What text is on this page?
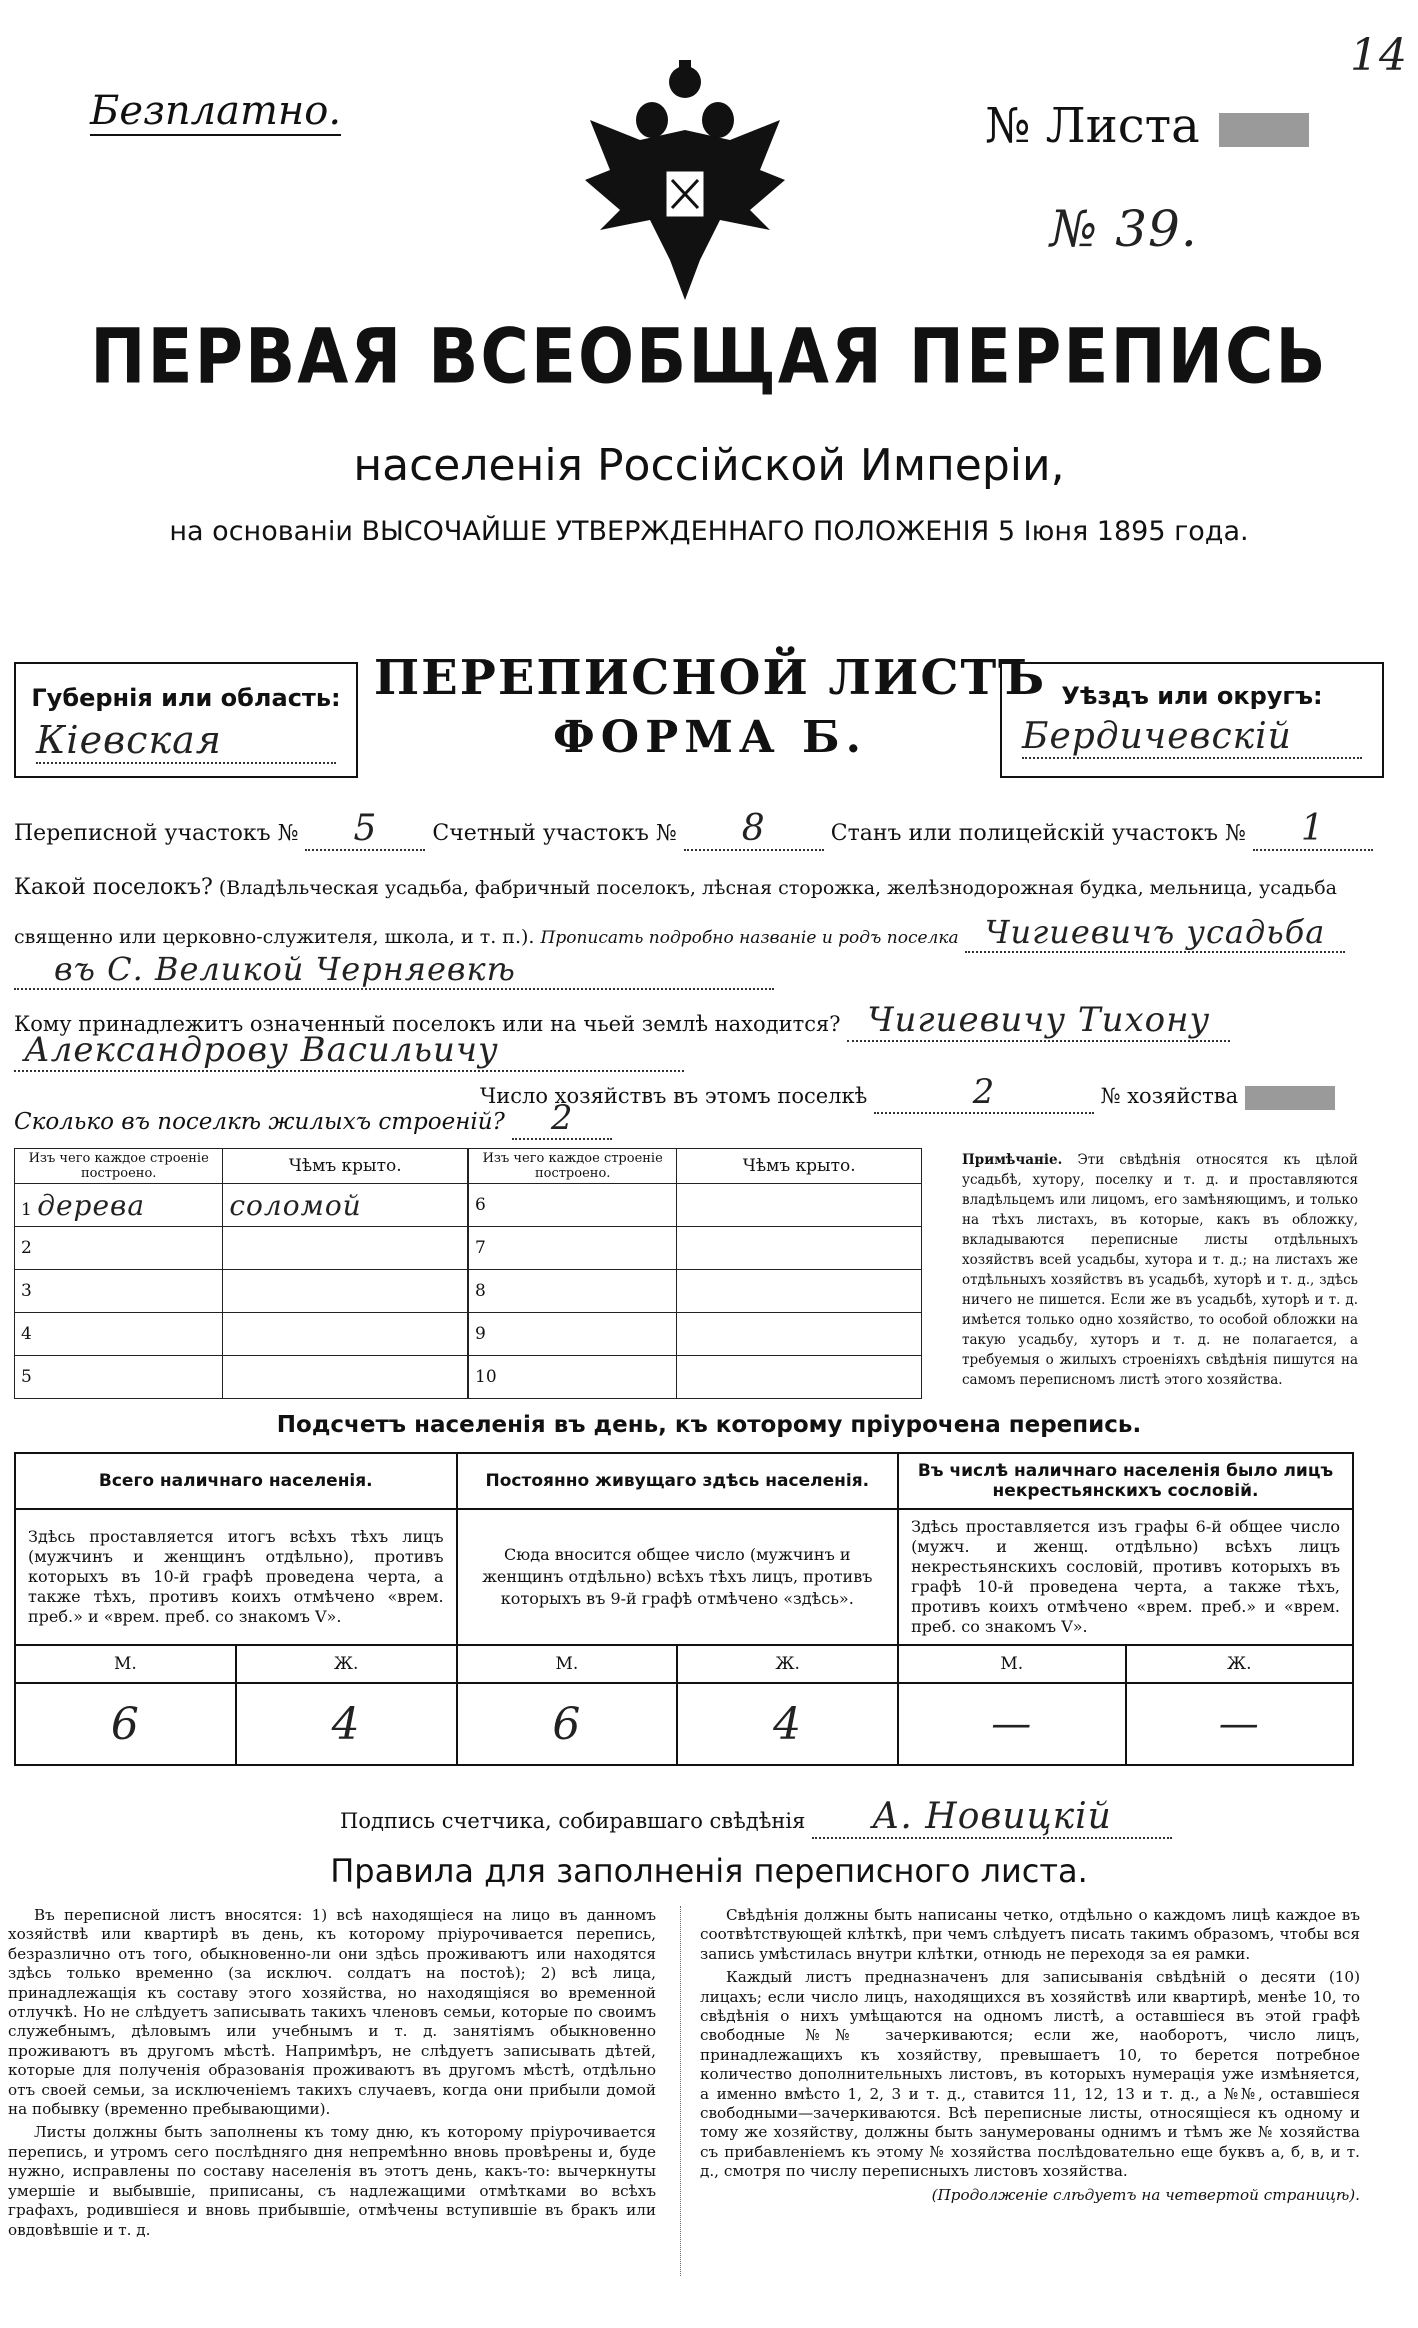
Безплатно.	№ Листа
№ 39.
14
ПЕРВАЯ ВСЕОБЩАЯ ПЕРЕПИСЬ
населенія Россійской Имперіи,
на основаніи ВЫСОЧАЙШЕ УТВЕРЖДЕННАГО ПОЛОЖЕНІЯ 5 Іюня 1895 года.
Губернія или область:
Кіевская
ПЕРЕПИСНОЙ ЛИСТЪ
ФОРМА Б.
Уѣздъ или округъ:
Бердичевскій
Переписной участокъ № 5	Счетный участокъ № 8	Станъ или полицейскій участокъ № 1
Какой поселокъ? (Владѣльческая усадьба, фабричный поселокъ, лѣсная сторожка, желѣзнодорожная будка, мельница, усадьба священно или церковно-служителя, школа, и т. п.). Прописать подробно названіе и родъ поселка Чигиевичъ усадьба
въ С. Великой Черняевкѣ
Кому принадлежитъ означенный поселокъ или на чьей землѣ находится? Чигиевичу Тихону
Александрову Васильичу
Число хозяйствъ въ этомъ поселкѣ	2	№ хозяйства
Сколько въ поселкѣ жилыхъ строеній? 2
Изъ чего каждое строеніе построено.	Чѣмъ крыто.
1 дерева	соломой
2	
3	
4	
5	
Изъ чего каждое строеніе построено.	Чѣмъ крыто.
6	
7	
8	
9	
10	
Примѣчаніе. Эти свѣдѣнія относятся къ цѣлой усадьбѣ, хутору, поселку и т. д. и проставляются владѣльцемъ или лицомъ, его замѣняющимъ, и только на тѣхъ листахъ, въ которые, какъ въ обложку, вкладываются переписные листы отдѣльныхъ хозяйствъ всей усадьбы, хутора и т. д.; на листахъ же отдѣльныхъ хозяйствъ въ усадьбѣ, хуторѣ и т. д., здѣсь ничего не пишется. Если же въ усадьбѣ, хуторѣ и т. д. имѣется только одно хозяйство, то особой обложки на такую усадьбу, хуторъ и т. д. не полагается, а требуемыя о жилыхъ строеніяхъ свѣдѣнія пишутся на самомъ переписномъ листѣ этого хозяйства.
Подсчетъ населенія въ день, къ которому пріурочена перепись.
Всего наличнаго населенія.		Постоянно живущаго здѣсь населенія.		Въ числѣ наличнаго населенія было лицъ некрестьянскихъ сословій.	
Здѣсь проставляется итогъ всѣхъ тѣхъ лицъ (мужчинъ и женщинъ отдѣльно), противъ которыхъ въ 10-й графѣ проведена черта, а также тѣхъ, противъ коихъ отмѣчено «врем. преб.» и «врем. преб. со знакомъ V».		Сюда вносится общее число (мужчинъ и женщинъ отдѣльно) всѣхъ тѣхъ лицъ, противъ которыхъ въ 9-й графѣ отмѣчено «здѣсь».		Здѣсь проставляется изъ графы 6-й общее число (мужч. и женщ. отдѣльно) всѣхъ лицъ некрестьянскихъ сословій, противъ которыхъ въ графѣ 10-й проведена черта, а также тѣхъ, противъ коихъ отмѣчено «врем. преб.» и «врем. преб. со знакомъ V».	
М.	Ж.	М.	Ж.	М.	Ж.
6	4	6	4	—	—
Подпись счетчика, собиравшаго свѣдѣнія А. Новицкій
Правила для заполненія переписного листа.

Въ переписной листъ вносятся: 1) всѣ находящіеся на лицо въ данномъ хозяйствѣ или квартирѣ въ день, къ которому пріурочивается перепись, безразлично отъ того, обыкновенно-ли они здѣсь проживаютъ или находятся здѣсь только временно (за исключ. солдатъ на постоѣ); 2) всѣ лица, принадлежащія къ составу этого хозяйства, но находящіяся во временной отлучкѣ. Но не слѣдуетъ записывать такихъ членовъ семьи, которые по своимъ служебнымъ, дѣловымъ или учебнымъ и т. д. занятіямъ обыкновенно проживаютъ въ другомъ мѣстѣ. Напримѣръ, не слѣдуетъ записывать дѣтей, которые для полученія образованія проживаютъ въ другомъ мѣстѣ, отдѣльно отъ своей семьи, за исключеніемъ такихъ случаевъ, когда они прибыли домой на побывку (временно пребывающими).

Листы должны быть заполнены къ тому дню, къ которому пріурочивается перепись, и утромъ сего послѣдняго дня непремѣнно вновь провѣрены и, буде нужно, исправлены по составу населенія въ этотъ день, какъ-то: вычеркнуты умершіе и выбывшіе, приписаны, съ надлежащими отмѣтками во всѣхъ графахъ, родившіеся и вновь прибывшіе, отмѣчены вступившіе въ бракъ или овдовѣвшіе и т. д.

Свѣдѣнія должны быть написаны четко, отдѣльно о каждомъ лицѣ каждое въ соотвѣтствующей клѣткѣ, при чемъ слѣдуетъ писать такимъ образомъ, чтобы вся запись умѣстилась внутри клѣтки, отнюдь не переходя за ея рамки.

Каждый листъ предназначенъ для записыванія свѣдѣній о десяти (10) лицахъ; если число лицъ, находящихся въ хозяйствѣ или квартирѣ, менѣе 10, то свѣдѣнія о нихъ умѣщаются на одномъ листѣ, а оставшіеся въ этой графѣ свободные №№ зачеркиваются; если же, наоборотъ, число лицъ, принадлежащихъ къ хозяйству, превышаетъ 10, то берется потребное количество дополнительныхъ листовъ, въ которыхъ нумерація уже измѣняется, а именно вмѣсто 1, 2, 3 и т. д., ставится 11, 12, 13 и т. д., а №№, оставшіеся свободными—зачеркиваются. Всѣ переписные листы, относящіеся къ одному и тому же хозяйству, должны быть занумерованы однимъ и тѣмъ же № хозяйства съ прибавленіемъ къ этому № хозяйства послѣдовательно еще буквъ а, б, в, и т. д., смотря по числу переписныхъ листовъ хозяйства.

(Продолженіе слѣдуетъ на четвертой страницѣ).
